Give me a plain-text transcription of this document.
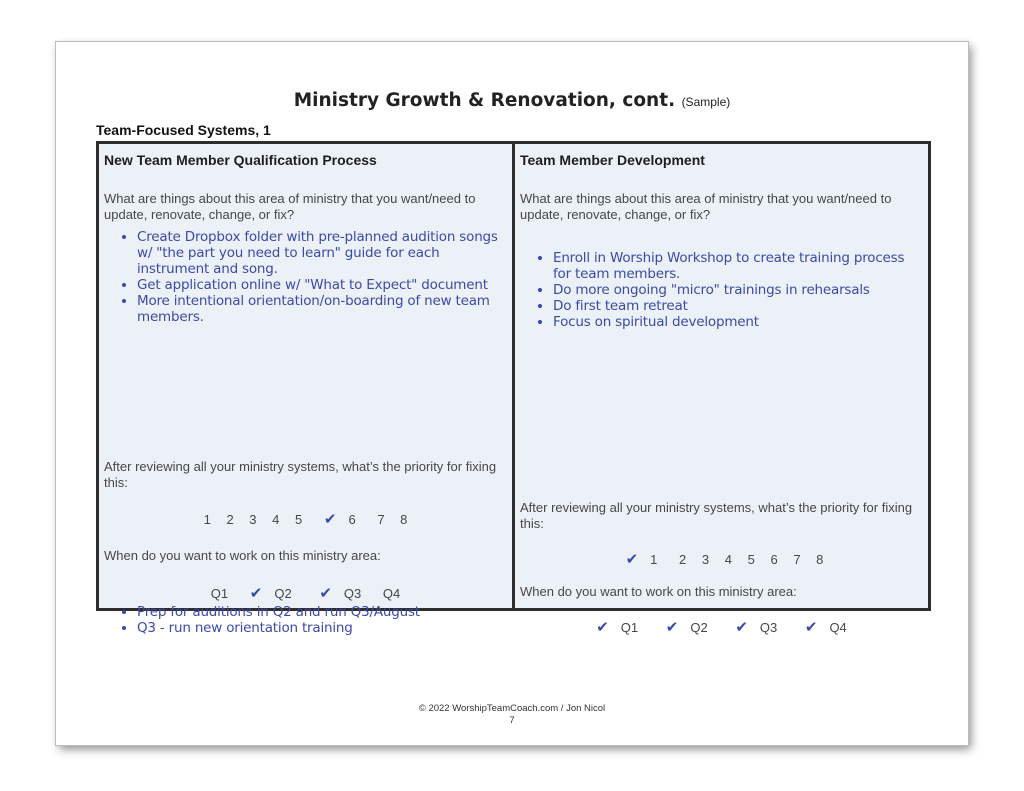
Ministry Growth & Renovation, cont. (Sample)
Team-Focused Systems, 1
New Team Member Qualification Process
What are things about this area of ministry that you want/need to update, renovate, change, or fix?
• Create Dropbox folder with pre-planned audition songs w/ "the part you need to learn" guide for each instrument and song.
• Get application online w/ "What to Expect" document
• More intentional orientation/on-boarding of new team members.
After reviewing all your ministry systems, what’s the priority for fixing this:
1 2 3 4 5 ✔ 6 7 8
When do you want to work on this ministry area:
Q1 ✔ Q2 ✔ Q3 Q4
• Prep for auditions in Q2 and run Q3/August
• Q3 - run new orientation training
Team Member Development
What are things about this area of ministry that you want/need to update, renovate, change, or fix?
• Enroll in Worship Workshop to create training process for team members.
• Do more ongoing "micro" trainings in rehearsals
• Do first team retreat
• Focus on spiritual development
After reviewing all your ministry systems, what’s the priority for fixing this:
✔ 1 2 3 4 5 6 7 8
When do you want to work on this ministry area:
✔ Q1 ✔ Q2 ✔ Q3 ✔ Q4
© 2022 WorshipTeamCoach.com / Jon Nicol
7
